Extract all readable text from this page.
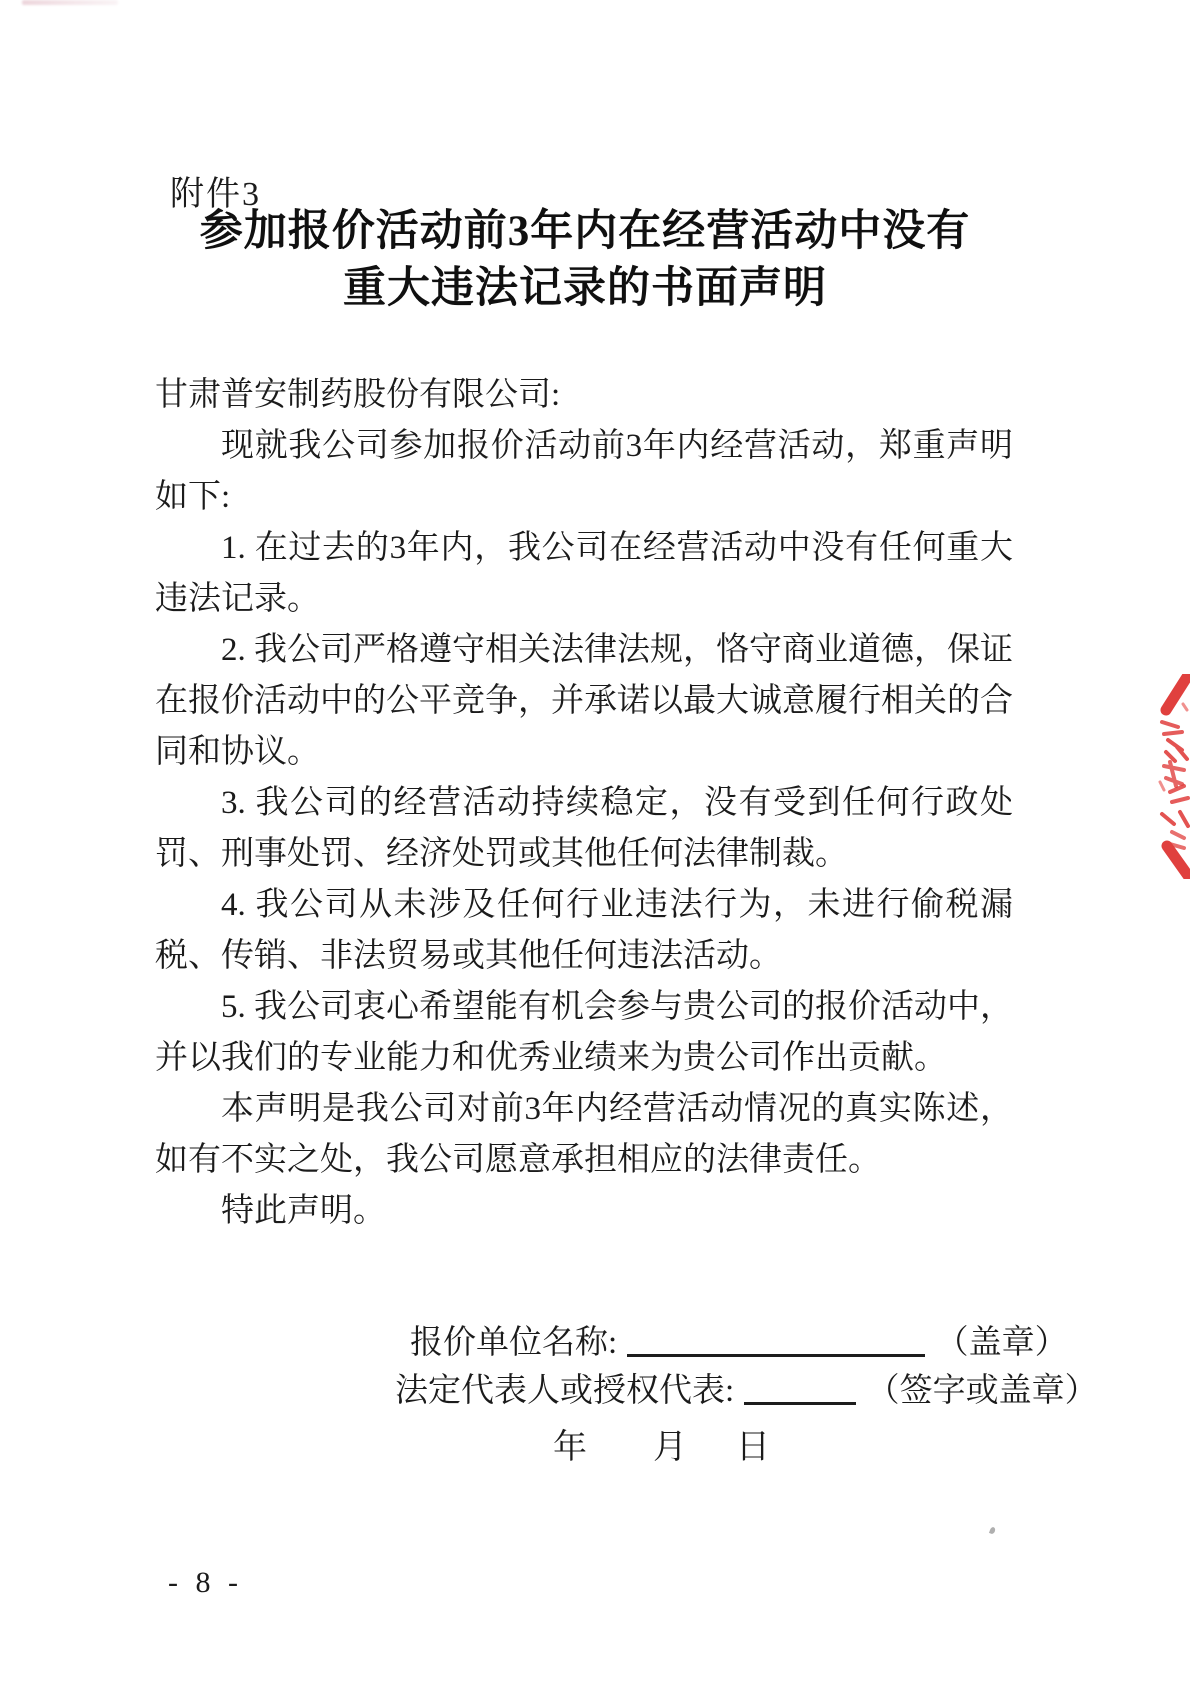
附件3
参加报价活动前3年内在经营活动中没有
重大违法记录的书面声明

甘肃普安制药股份有限公司:

现就我公司参加报价活动前3年内经营活动，郑重声明如下:

1. 在过去的3年内，我公司在经营活动中没有任何重大违法记录。

2. 我公司严格遵守相关法律法规，恪守商业道德，保证在报价活动中的公平竞争，并承诺以最大诚意履行相关的合同和协议。

3. 我公司的经营活动持续稳定，没有受到任何行政处罚、刑事处罚、经济处罚或其他任何法律制裁。

4. 我公司从未涉及任何行业违法行为，未进行偷税漏税、传销、非法贸易或其他任何违法活动。

5. 我公司衷心希望能有机会参与贵公司的报价活动中，并以我们的专业能力和优秀业绩来为贵公司作出贡献。

本声明是我公司对前3年内经营活动情况的真实陈述，如有不实之处，我公司愿意承担相应的法律责任。

特此声明。

报价单位名称:	（盖章）
法定代表人或授权代表:	（签字或盖章）
年 月 日
- 8 -
